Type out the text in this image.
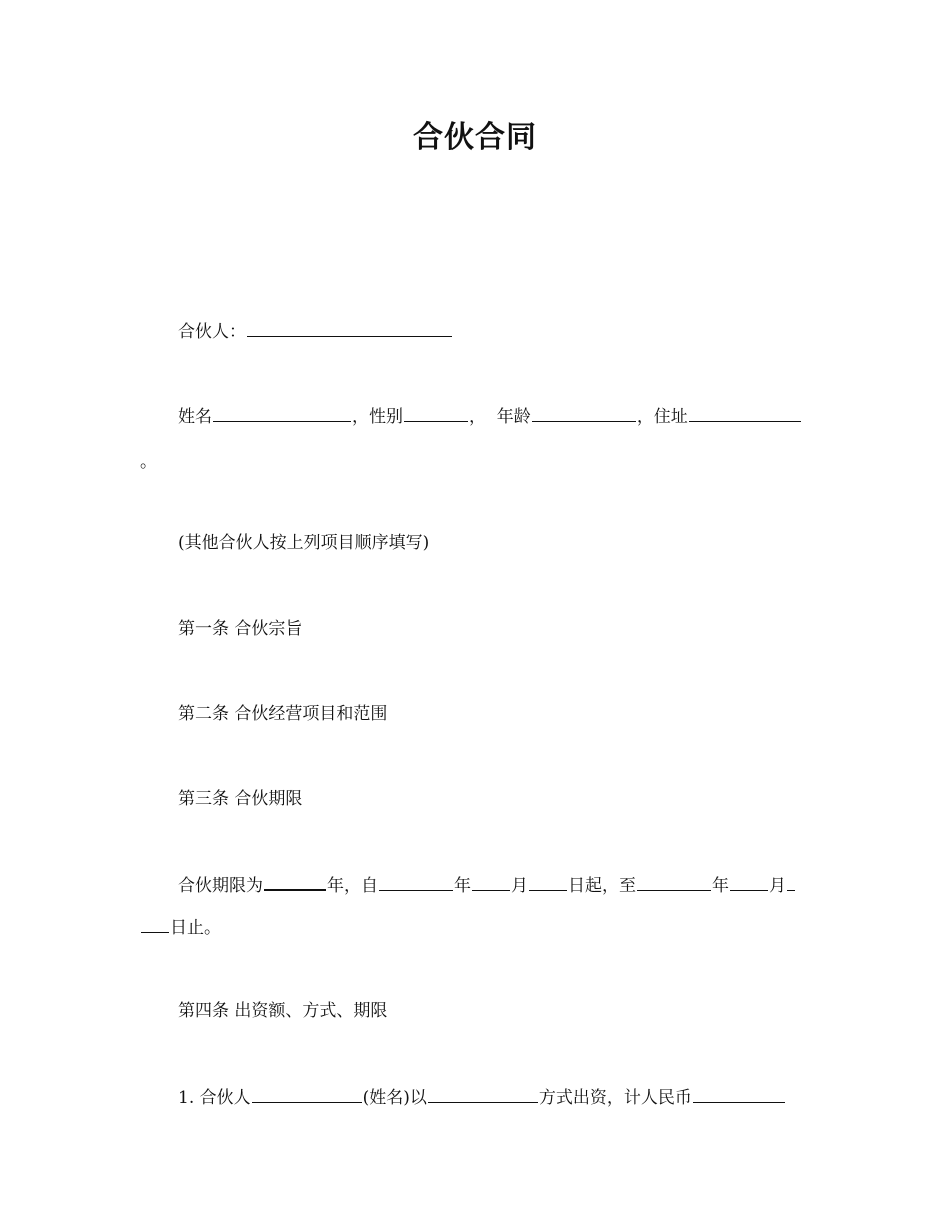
合伙合同
合伙人：
姓名	，性别	，  年龄	，住址
。
(其他合伙人按上列项目顺序填写)
第一条 合伙宗旨
第二条 合伙经营项目和范围
第三条 合伙期限
合伙期限为	年，自	年 月 日起，至	年 月
日止。
第四条 出资额、方式、期限
1. 合伙人	(姓名)以	方式出资，计人民币
